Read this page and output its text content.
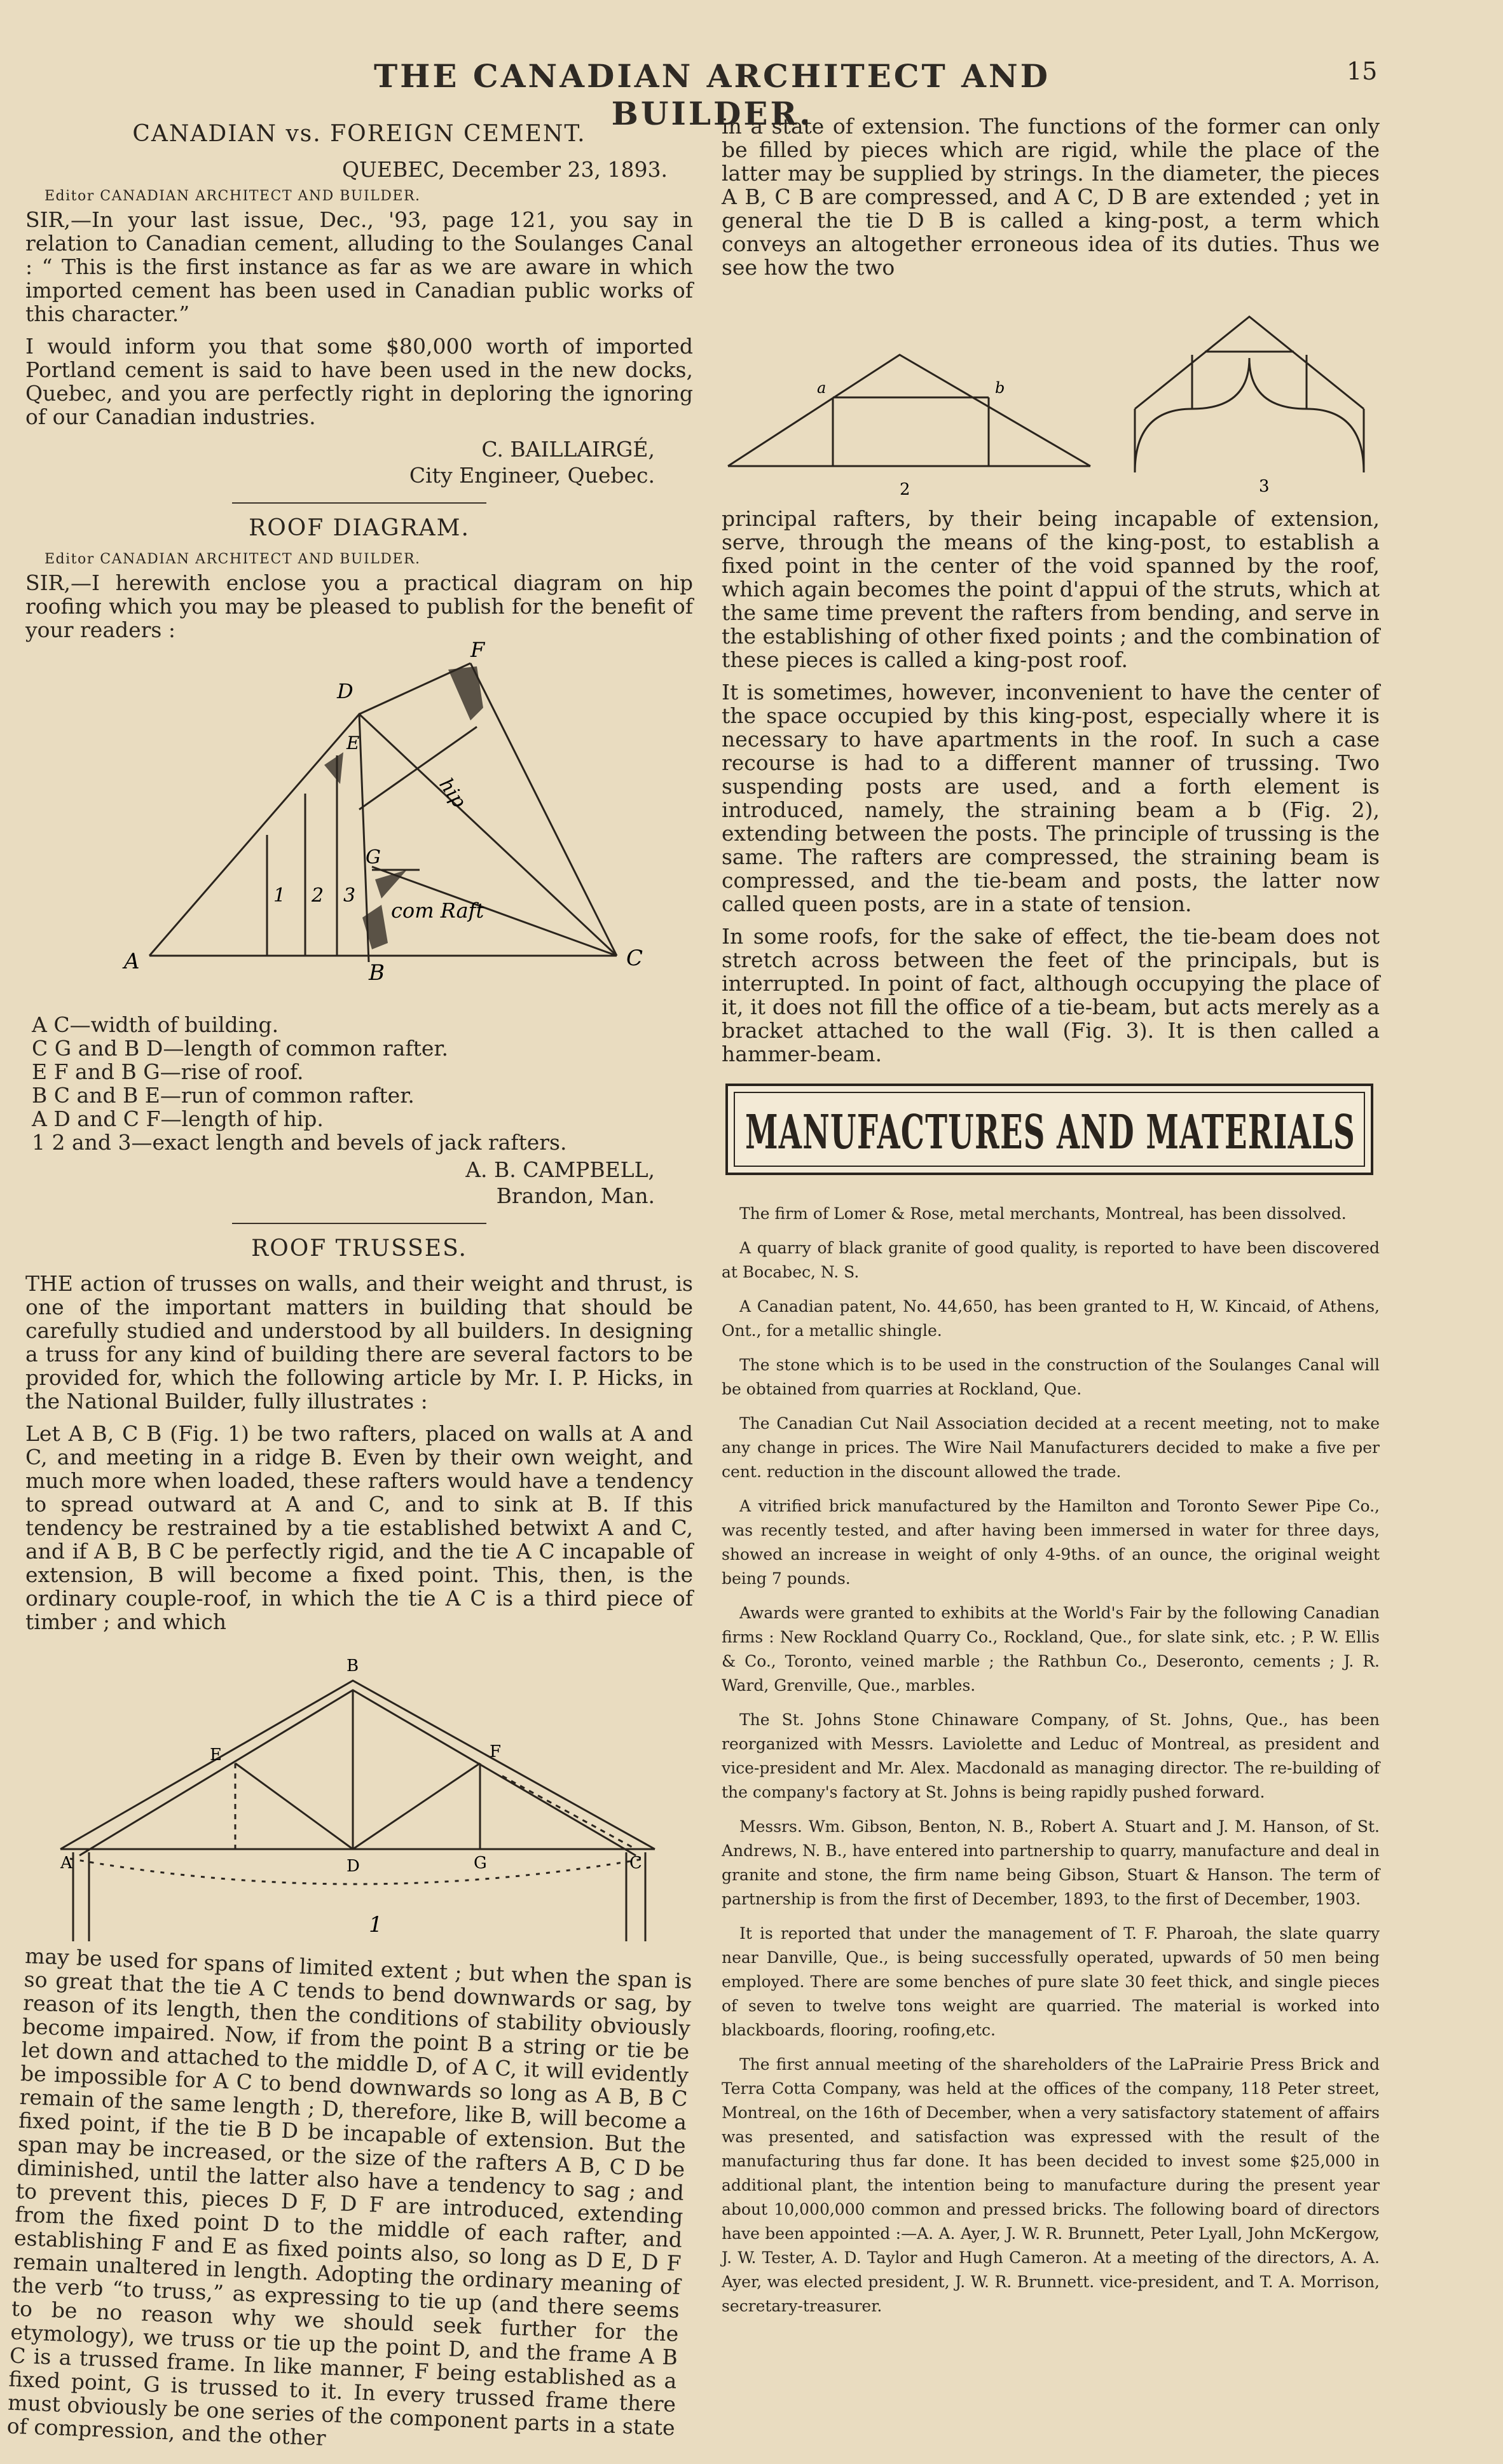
THE CANADIAN ARCHITECT AND BUILDER.
15
CANADIAN vs. FOREIGN CEMENT.
QUEBEC, December 23, 1893.
Editor CANADIAN ARCHITECT AND BUILDER.

SIR,—In your last issue, Dec., '93, page 121, you say in relation to Canadian cement, alluding to the Soulanges Canal : “ This is the first instance as far as we are aware in which imported cement has been used in Canadian public works of this character.”

I would inform you that some $80,000 worth of imported Portland cement is said to have been used in the new docks, Quebec, and you are perfectly right in deploring the ignoring of our Canadian industries.

C. BAILLAIRGÉ,
City Engineer, Quebec.
ROOF DIAGRAM.
Editor CANADIAN ARCHITECT AND BUILDER.

SIR,—I herewith enclose you a practical diagram on hip roofing which you may be pleased to publish for the benefit of your readers :

A	B
C
D
E
F
G
1 2 3
hip
com Raft
A C—width of building.
C G and B D—length of common rafter.
E F and B G—rise of roof.
B C and B E—run of common rafter.
A D and C F—length of hip.
1 2 and 3—exact length and bevels of jack rafters.
A. B. CAMPBELL,
Brandon, Man.
ROOF TRUSSES.

THE action of trusses on walls, and their weight and thrust, is one of the important matters in building that should be carefully studied and understood by all builders. In designing a truss for any kind of building there are several factors to be provided for, which the following article by Mr. I. P. Hicks, in the National Builder, fully illustrates :

Let A B, C B (Fig. 1) be two rafters, placed on walls at A and C, and meeting in a ridge B. Even by their own weight, and much more when loaded, these rafters would have a tendency to spread outward at A and C, and to sink at B. If this tendency be restrained by a tie established betwixt A and C, and if A B, B C be perfectly rigid, and the tie A C incapable of extension, B will become a fixed point. This, then, is the ordinary couple-roof, in which the tie A C is a third piece of timber ; and which

B
E	F
A	D	G	C
1

may be used for spans of limited extent ; but when the span is so great that the tie A C tends to bend downwards or sag, by reason of its length, then the conditions of stability obviously become impaired. Now, if from the point B a string or tie be let down and attached to the middle D, of A C, it will evidently be impossible for A C to bend downwards so long as A B, B C remain of the same length ; D, therefore, like B, will become a fixed point, if the tie B D be incapable of extension. But the span may be increased, or the size of the rafters A B, C D be diminished, until the latter also have a tendency to sag ; and to prevent this, pieces D F, D F are introduced, extending from the fixed point D to the middle of each rafter, and establishing F and E as fixed points also, so long as D E, D F remain unaltered in length. Adopting the ordinary meaning of the verb “to truss,” as expressing to tie up (and there seems to be no reason why we should seek further for the etymology), we truss or tie up the point D, and the frame A B C is a trussed frame. In like manner, F being established as a fixed point, G is trussed to it. In every trussed frame there must obviously be one series of the component parts in a state of compression, and the other

in a state of extension. The functions of the former can only be filled by pieces which are rigid, while the place of the latter may be supplied by strings. In the diameter, the pieces A B, C B are compressed, and A C, D B are extended ; yet in general the tie D B is called a king-post, a term which conveys an altogether erroneous idea of its duties. Thus we see how the two

a	b
2	3

principal rafters, by their being incapable of extension, serve, through the means of the king-post, to establish a fixed point in the center of the void spanned by the roof, which again becomes the point d'appui of the struts, which at the same time prevent the rafters from bending, and serve in the establishing of other fixed points ; and the combination of these pieces is called a king-post roof.

It is sometimes, however, inconvenient to have the center of the space occupied by this king-post, especially where it is necessary to have apartments in the roof. In such a case recourse is had to a different manner of trussing. Two suspending posts are used, and a forth element is introduced, namely, the straining beam a b (Fig. 2), extending between the posts. The principle of trussing is the same. The rafters are compressed, the straining beam is compressed, and the tie-beam and posts, the latter now called queen posts, are in a state of tension.

In some roofs, for the sake of effect, the tie-beam does not stretch across between the feet of the principals, but is interrupted. In point of fact, although occupying the place of it, it does not fill the office of a tie-beam, but acts merely as a bracket attached to the wall (Fig. 3). It is then called a hammer-beam.

MANUFACTURES AND MATERIALS

The firm of Lomer & Rose, metal merchants, Montreal, has been dissolved.

A quarry of black granite of good quality, is reported to have been discovered at Bocabec, N. S.

A Canadian patent, No. 44,650, has been granted to H, W. Kincaid, of Athens, Ont., for a metallic shingle.

The stone which is to be used in the construction of the Soulanges Canal will be obtained from quarries at Rockland, Que.

The Canadian Cut Nail Association decided at a recent meeting, not to make any change in prices. The Wire Nail Manufacturers decided to make a five per cent. reduction in the discount allowed the trade.

A vitrified brick manufactured by the Hamilton and Toronto Sewer Pipe Co., was recently tested, and after having been immersed in water for three days, showed an increase in weight of only 4-9ths. of an ounce, the original weight being 7 pounds.

Awards were granted to exhibits at the World's Fair by the following Canadian firms : New Rockland Quarry Co., Rockland, Que., for slate sink, etc. ; P. W. Ellis & Co., Toronto, veined marble ; the Rathbun Co., Deseronto, cements ; J. R. Ward, Grenville, Que., marbles.

The St. Johns Stone Chinaware Company, of St. Johns, Que., has been reorganized with Messrs. Laviolette and Leduc of Montreal, as president and vice-president and Mr. Alex. Macdonald as managing director. The re-building of the company's factory at St. Johns is being rapidly pushed forward.

Messrs. Wm. Gibson, Benton, N. B., Robert A. Stuart and J. M. Hanson, of St. Andrews, N. B., have entered into partnership to quarry, manufacture and deal in granite and stone, the firm name being Gibson, Stuart & Hanson. The term of partnership is from the first of December, 1893, to the first of December, 1903.

It is reported that under the management of T. F. Pharoah, the slate quarry near Danville, Que., is being successfully operated, upwards of 50 men being employed. There are some benches of pure slate 30 feet thick, and single pieces of seven to twelve tons weight are quarried. The material is worked into blackboards, flooring, roofing,etc.

The first annual meeting of the shareholders of the LaPrairie Press Brick and Terra Cotta Company, was held at the offices of the company, 118 Peter street, Montreal, on the 16th of December, when a very satisfactory statement of affairs was presented, and satisfaction was expressed with the result of the manufacturing thus far done. It has been decided to invest some $25,000 in additional plant, the intention being to manufacture during the present year about 10,000,000 common and pressed bricks. The following board of directors have been appointed :—A. A. Ayer, J. W. R. Brunnett, Peter Lyall, John McKergow, J. W. Tester, A. D. Taylor and Hugh Cameron. At a meeting of the directors, A. A. Ayer, was elected president, J. W. R. Brunnett. vice-president, and T. A. Morrison, secretary-treasurer.
